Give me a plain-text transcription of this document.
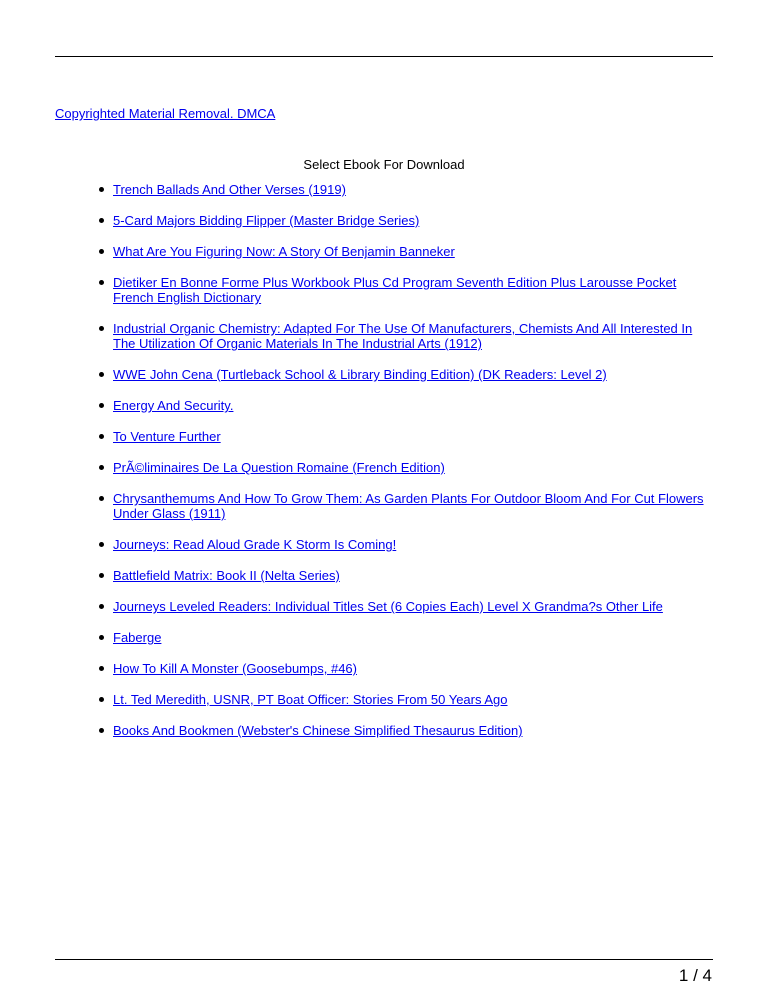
Copyrighted Material Removal. DMCA
Select Ebook For Download
Trench Ballads And Other Verses (1919)
5-Card Majors Bidding Flipper (Master Bridge Series)
What Are You Figuring Now: A Story Of Benjamin Banneker
Dietiker En Bonne Forme Plus Workbook Plus Cd Program Seventh Edition Plus Larousse Pocket French English Dictionary
Industrial Organic Chemistry: Adapted For The Use Of Manufacturers, Chemists And All Interested In The Utilization Of Organic Materials In The Industrial Arts (1912)
WWE John Cena (Turtleback School & Library Binding Edition) (DK Readers: Level 2)
Energy And Security.
To Venture Further
PrÃ©liminaires De La Question Romaine (French Edition)
Chrysanthemums And How To Grow Them: As Garden Plants For Outdoor Bloom And For Cut Flowers Under Glass (1911)
Journeys: Read Aloud Grade K Storm Is Coming!
Battlefield Matrix: Book II (Nelta Series)
Journeys Leveled Readers: Individual Titles Set (6 Copies Each) Level X Grandma?s Other Life
Faberge
How To Kill A Monster (Goosebumps, #46)
Lt. Ted Meredith, USNR, PT Boat Officer: Stories From 50 Years Ago
Books And Bookmen (Webster's Chinese Simplified Thesaurus Edition)
1 / 4
